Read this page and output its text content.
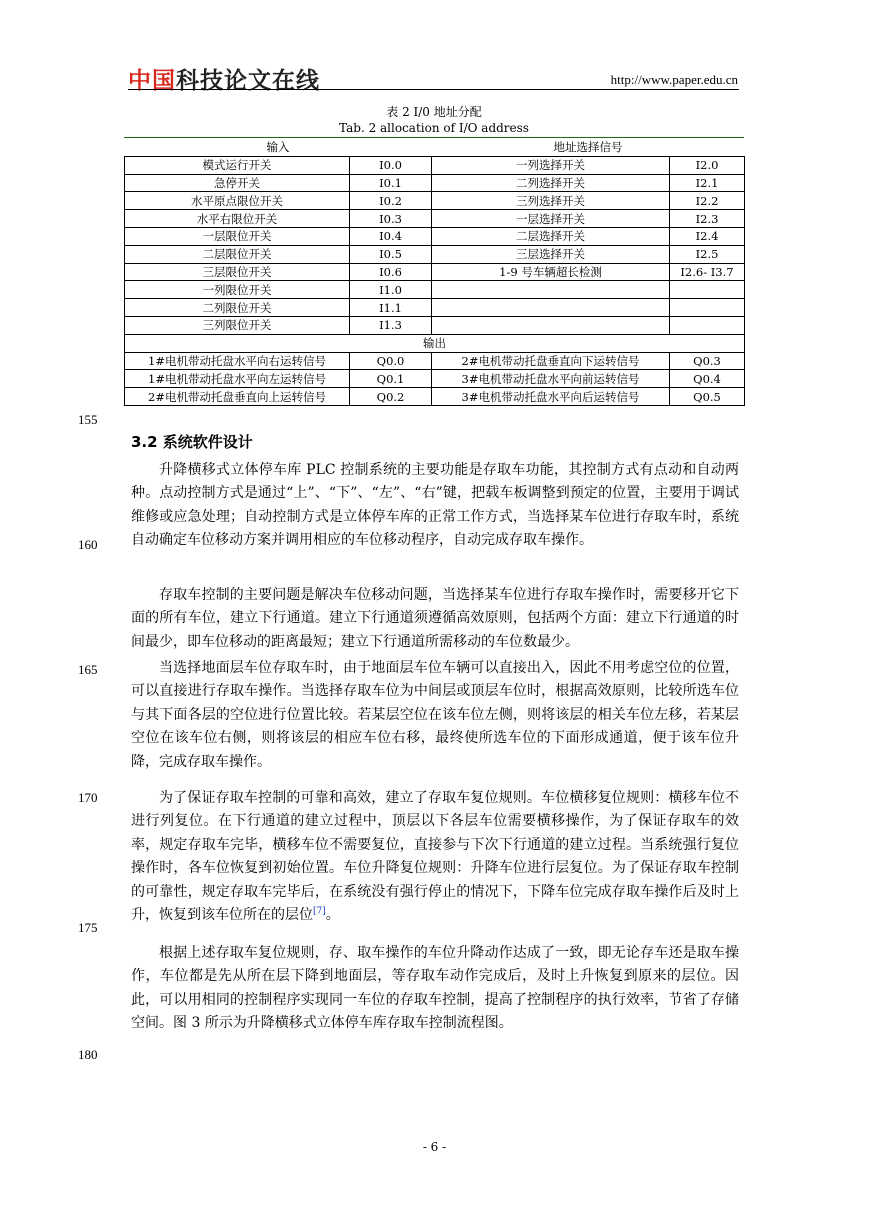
中国科技论文在线	http://www.paper.edu.cn
表 2 I/0 地址分配
Tab. 2 allocation of I/O address
输入		地址选择信号	
模式运行开关	I0.0	一列选择开关	I2.0
急停开关	I0.1	二列选择开关	I2.1
水平原点限位开关	I0.2	三列选择开关	I2.2
水平右限位开关	I0.3	一层选择开关	I2.3
一层限位开关	I0.4	二层选择开关	I2.4
二层限位开关	I0.5	三层选择开关	I2.5
三层限位开关	I0.6	1-9 号车辆超长检测	I2.6- I3.7
一列限位开关	I1.0		
二列限位开关	I1.1		
三列限位开关	I1.3		
输出			
1#电机带动托盘水平向右运转信号	Q0.0	2#电机带动托盘垂直向下运转信号	Q0.3
1#电机带动托盘水平向左运转信号	Q0.1	3#电机带动托盘水平向前运转信号	Q0.4
2#电机带动托盘垂直向上运转信号	Q0.2	3#电机带动托盘水平向后运转信号	Q0.5
155
160
165
170
175
180
3.2 系统软件设计

升降横移式立体停车库 PLC 控制系统的主要功能是存取车功能，其控制方式有点动和自动两种。点动控制方式是通过“上”、“下”、“左”、“右”键，把载车板调整到预定的位置，主要用于调试维修或应急处理；自动控制方式是立体停车库的正常工作方式，当选择某车位进行存取车时，系统自动确定车位移动方案并调用相应的车位移动程序，自动完成存取车操作。

存取车控制的主要问题是解决车位移动问题，当选择某车位进行存取车操作时，需要移开它下面的所有车位，建立下行通道。建立下行通道须遵循高效原则，包括两个方面：建立下行通道的时间最少，即车位移动的距离最短；建立下行通道所需移动的车位数最少。

当选择地面层车位存取车时，由于地面层车位车辆可以直接出入，因此不用考虑空位的位置，可以直接进行存取车操作。当选择存取车位为中间层或顶层车位时，根据高效原则，比较所选车位与其下面各层的空位进行位置比较。若某层空位在该车位左侧，则将该层的相关车位左移，若某层空位在该车位右侧，则将该层的相应车位右移，最终使所选车位的下面形成通道，便于该车位升降，完成存取车操作。

为了保证存取车控制的可靠和高效，建立了存取车复位规则。车位横移复位规则：横移车位不进行列复位。在下行通道的建立过程中，顶层以下各层车位需要横移操作，为了保证存取车的效率，规定存取车完毕，横移车位不需要复位，直接参与下次下行通道的建立过程。当系统强行复位操作时，各车位恢复到初始位置。车位升降复位规则：升降车位进行层复位。为了保证存取车控制的可靠性，规定存取车完毕后，在系统没有强行停止的情况下，下降车位完成存取车操作后及时上升，恢复到该车位所在的层位[7]。

根据上述存取车复位规则，存、取车操作的车位升降动作达成了一致，即无论存车还是取车操作，车位都是先从所在层下降到地面层，等存取车动作完成后，及时上升恢复到原来的层位。因此，可以用相同的控制程序实现同一车位的存取车控制，提高了控制程序的执行效率，节省了存储空间。图 3 所示为升降横移式立体停车库存取车控制流程图。

- 6 -
